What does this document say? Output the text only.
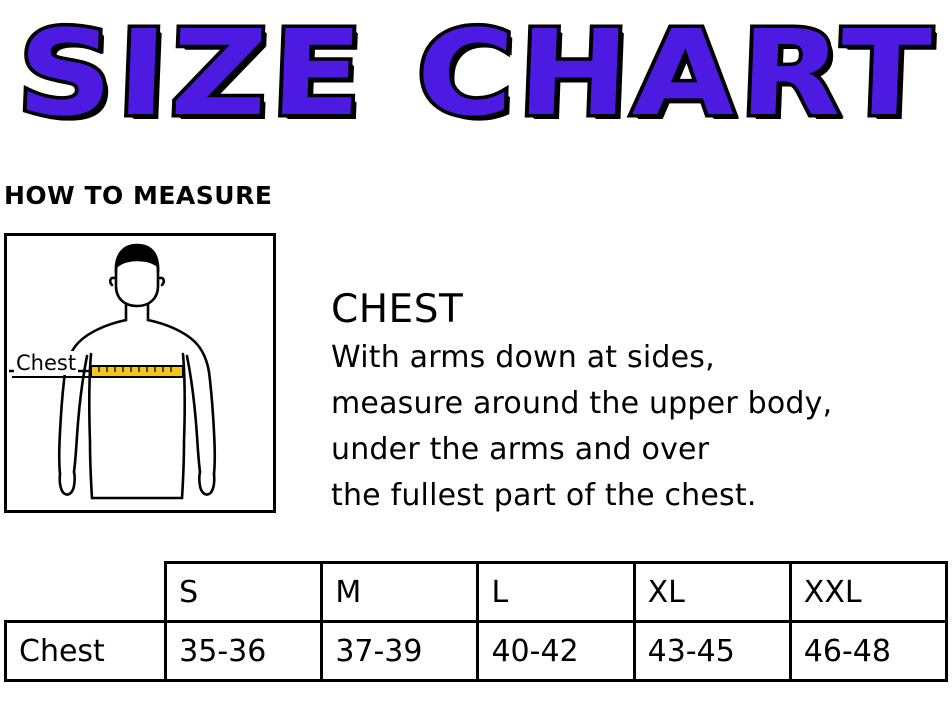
SIZE CHART
HOW TO MEASURE
Chest
CHEST
With arms down at sides,
measure around the upper body,
under the arms and over
the fullest part of the chest.
	S	M	L	XL	XXL
Chest	35-36	37-39	40-42	43-45	46-48
